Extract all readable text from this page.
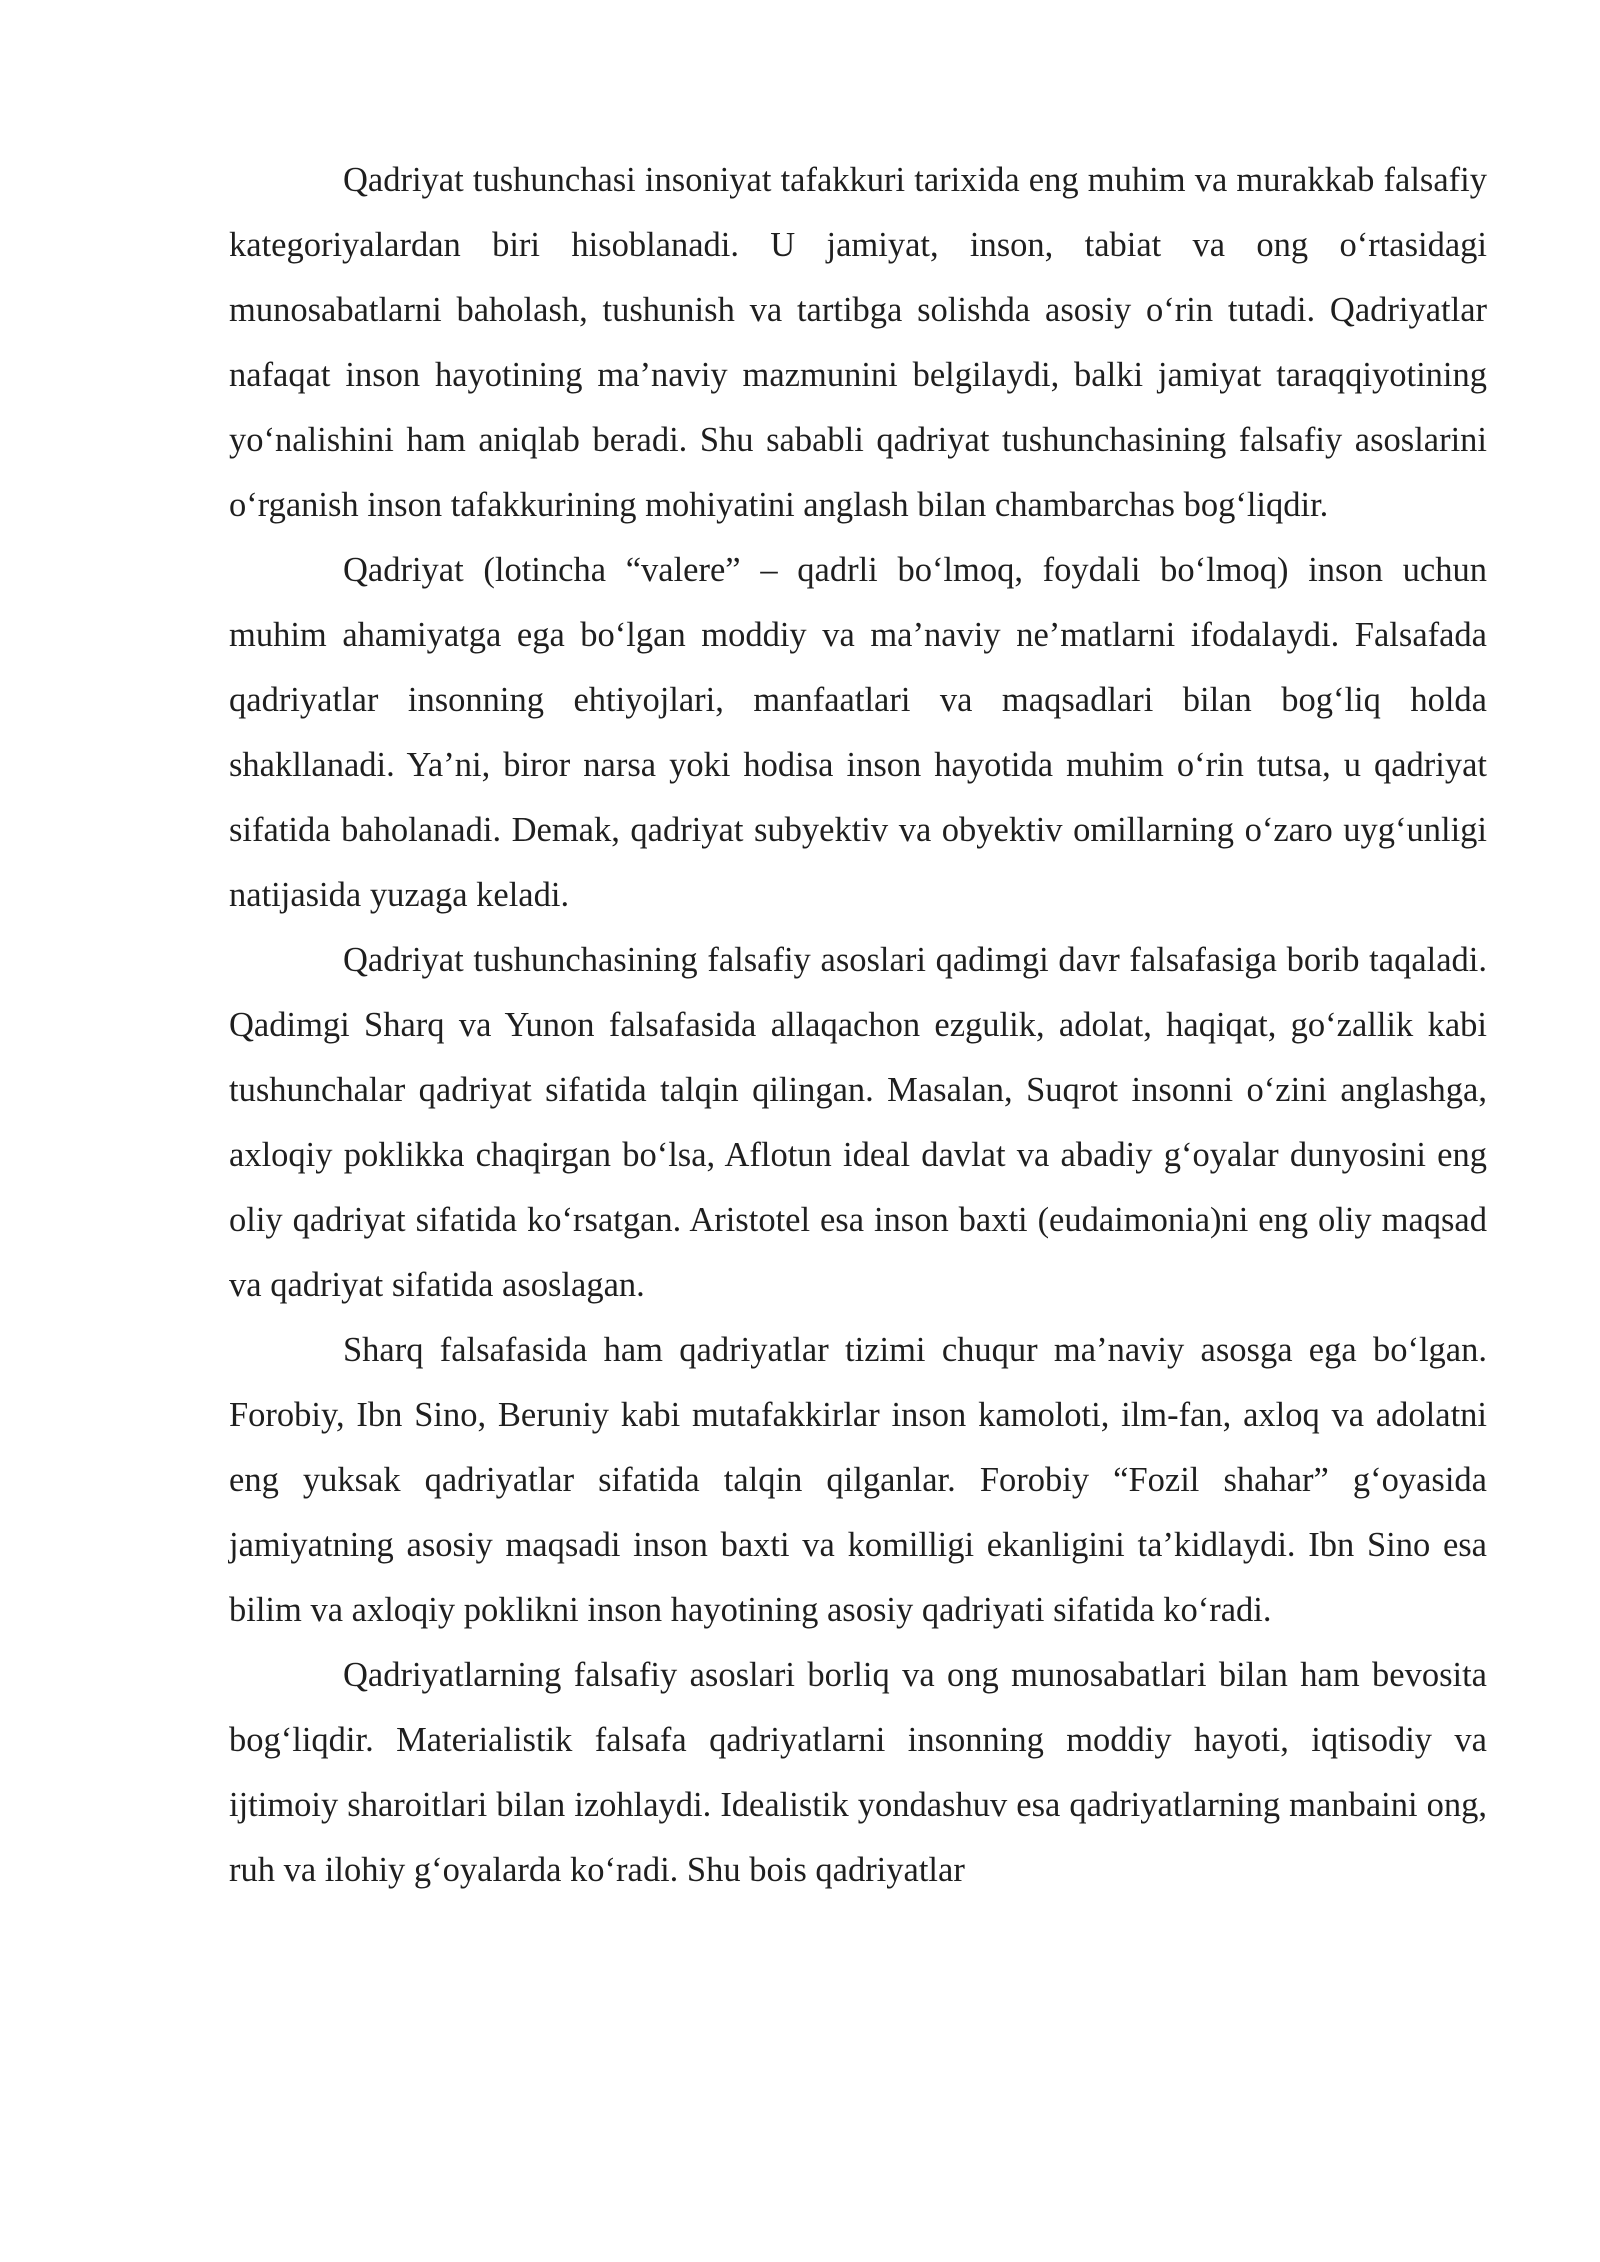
Qadriyat tushunchasi insoniyat tafakkuri tarixida eng muhim va murakkab falsafiy kategoriyalardan biri hisoblanadi. U jamiyat, inson, tabiat va ong o‘rtasidagi munosabatlarni baholash, tushunish va tartibga solishda asosiy o‘rin tutadi. Qadriyatlar nafaqat inson hayotining ma’naviy mazmunini belgilaydi, balki jamiyat taraqqiyotining yo‘nalishini ham aniqlab beradi. Shu sababli qadriyat tushunchasining falsafiy asoslarini o‘rganish inson tafakkurining mohiyatini anglash bilan chambarchas bog‘liqdir.

Qadriyat (lotincha “valere” – qadrli bo‘lmoq, foydali bo‘lmoq) inson uchun muhim ahamiyatga ega bo‘lgan moddiy va ma’naviy ne’matlarni ifodalaydi. Falsafada qadriyatlar insonning ehtiyojlari, manfaatlari va maqsadlari bilan bog‘liq holda shakllanadi. Ya’ni, biror narsa yoki hodisa inson hayotida muhim o‘rin tutsa, u qadriyat sifatida baholanadi. Demak, qadriyat subyektiv va obyektiv omillarning o‘zaro uyg‘unligi natijasida yuzaga keladi.

Qadriyat tushunchasining falsafiy asoslari qadimgi davr falsafasiga borib taqaladi. Qadimgi Sharq va Yunon falsafasida allaqachon ezgulik, adolat, haqiqat, go‘zallik kabi tushunchalar qadriyat sifatida talqin qilingan. Masalan, Suqrot insonni o‘zini anglashga, axloqiy poklikka chaqirgan bo‘lsa, Aflotun ideal davlat va abadiy g‘oyalar dunyosini eng oliy qadriyat sifatida ko‘rsatgan. Aristotel esa inson baxti (eudaimonia)ni eng oliy maqsad va qadriyat sifatida asoslagan.

Sharq falsafasida ham qadriyatlar tizimi chuqur ma’naviy asosga ega bo‘lgan. Forobiy, Ibn Sino, Beruniy kabi mutafakkirlar inson kamoloti, ilm-fan, axloq va adolatni eng yuksak qadriyatlar sifatida talqin qilganlar. Forobiy “Fozil shahar” g‘oyasida jamiyatning asosiy maqsadi inson baxti va komilligi ekanligini ta’kidlaydi. Ibn Sino esa bilim va axloqiy poklikni inson hayotining asosiy qadriyati sifatida ko‘radi.

Qadriyatlarning falsafiy asoslari borliq va ong munosabatlari bilan ham bevosita bog‘liqdir. Materialistik falsafa qadriyatlarni insonning moddiy hayoti, iqtisodiy va ijtimoiy sharoitlari bilan izohlaydi. Idealistik yondashuv esa qadriyatlarning manbaini ong, ruh va ilohiy g‘oyalarda ko‘radi. Shu bois qadriyatlar
